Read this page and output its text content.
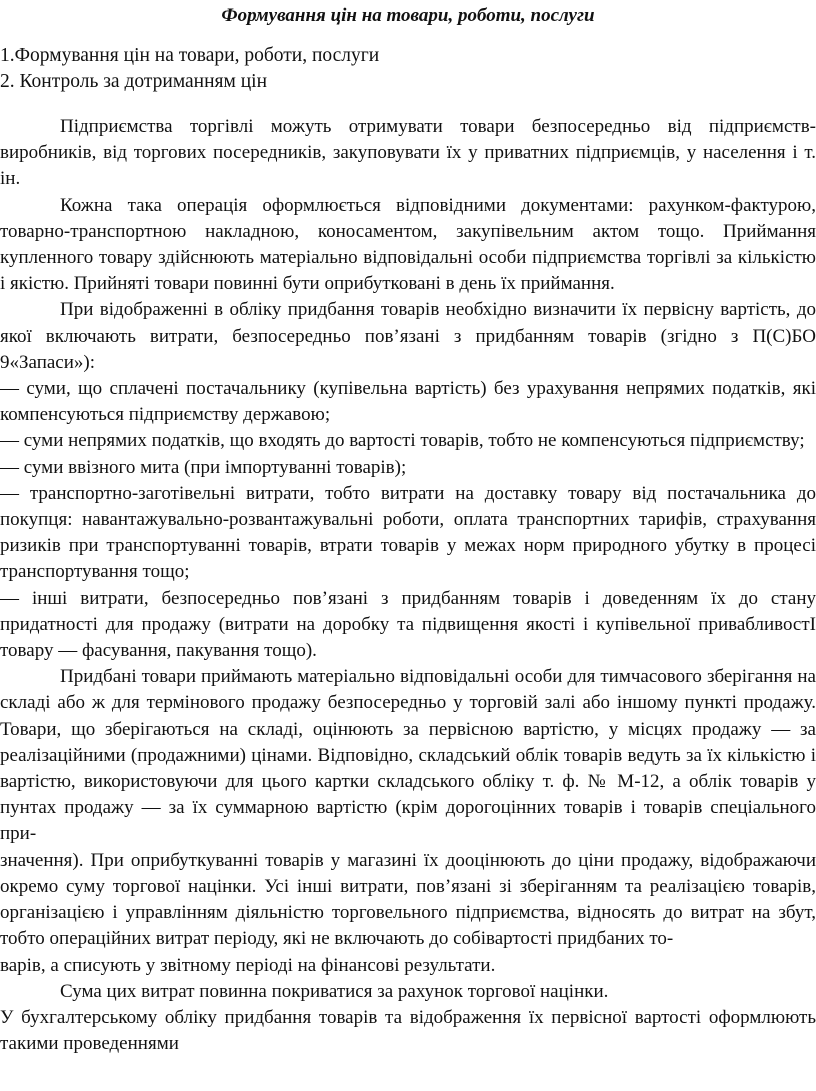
Формування цін на товари, роботи, послуги
1.Формування цін на товари, роботи, послуги
2. Контроль за дотриманням цін

Підприємства торгівлі можуть отримувати товари безпосередньо від підприємств-виробників, від торгових посередників, закуповувати їх у приватних підприємців, у населення і т. ін.

Кожна така операція оформлюється відповідними документами: рахунком-фактурою, товарно-транспортною накладною, коносаментом, закупівельним актом тощо. Приймання купленного товару здійснюють матеріально відповідальні особи підприємства торгівлі за кількістю і якістю. Прийняті товари повинні бути оприбутковані в день їх приймання.

При відображенні в обліку придбання товарів необхідно визначити їх первісну вартість, до якої включають витрати, безпосередньо пов’язані з придбанням товарів (згідно з П(С)БО 9«Запаси»):

— суми, що сплачені постачальнику (купівельна вартість) без урахування непрямих податків, які компенсуються підприємству державою;

— суми непрямих податків, що входять до вартості товарів, тобто не компенсуються підприємству;

— суми ввізного мита (при імпортуванні товарів);

— транспортно-заготівельні витрати, тобто витрати на доставку товару від постачальника до покупця: навантажувально-розвантажувальні роботи, оплата транспортних тарифів, страхування ризиків при транспортуванні товарів, втрати товарів у межах норм природного убутку в процесі транспортування тощо;

— інші витрати, безпосередньо пов’язані з придбанням товарів і доведенням їх до стану придатності для продажу (витрати на доробку та підвищення якості і купівельної привабливостІ товару — фасування, пакування тощо).

Придбані товари приймають матеріально відповідальні особи для тимчасового зберігання на складі або ж для термінового продажу безпосередньо у торговій залі або іншому пункті продажу. Товари, що зберігаються на складі, оцінюють за первісною вартістю, у місцях продажу — за реалізаційними (продажними) цінами. Відповідно, складський облік товарів ведуть за їх кількістю і вартістю, використовуючи для цього картки складського обліку т. ф. № М-12, а облік товарів у пунтах продажу — за їх суммарною вартістю (крім дорогоцінних товарів і товарів спеціального при-

значення). При оприбуткуванні товарів у магазині їх дооцінюють до ціни продажу, відображаючи окремо суму торгової націнки. Усі інші витрати, пов’язані зі зберіганням та реалізацією товарів, організацією і управлінням діяльністю торговельного підприємства, відносять до витрат на збут, тобто операційних витрат періоду, які не включають до собівартості придбаних то-

варів, а списують у звітному періоді на фінансові результати.

Сума цих витрат повинна покриватися за рахунок торгової націнки.

У бухгалтерському обліку придбання товарів та відображення їх первісної вартості оформлюють такими проведеннями
